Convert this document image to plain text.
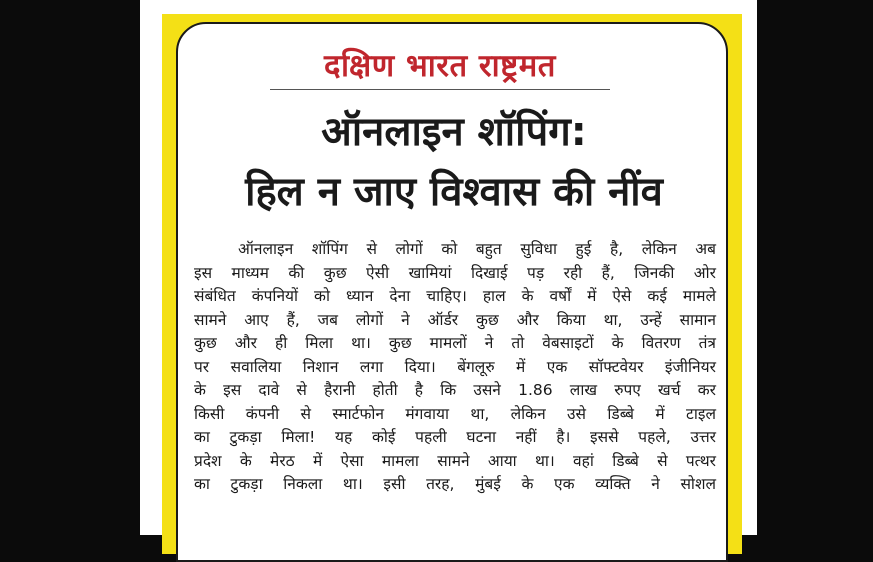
दक्षिण भारत राष्ट्रमत
ऑनलाइन शॉपिंग:
हिल न जाए विश्वास की नींव
ऑनलाइन शॉपिंग से लोगों को बहुत सुविधा हुई है, लेकिन अब
इस माध्यम की कुछ ऐसी खामियां दिखाई पड़ रही हैं, जिनकी ओर
संबंधित कंपनियों को ध्यान देना चाहिए। हाल के वर्षों में ऐसे कई मामले
सामने आए हैं, जब लोगों ने ऑर्डर कुछ और किया था, उन्हें सामान
कुछ और ही मिला था। कुछ मामलों ने तो वेबसाइटों के वितरण तंत्र
पर सवालिया निशान लगा दिया। बेंगलूरु में एक सॉफ्टवेयर इंजीनियर
के इस दावे से हैरानी होती है कि उसने 1.86 लाख रुपए खर्च कर
किसी कंपनी से स्मार्टफोन मंगवाया था, लेकिन उसे डिब्बे में टाइल
का टुकड़ा मिला! यह कोई पहली घटना नहीं है। इससे पहले, उत्तर
प्रदेश के मेरठ में ऐसा मामला सामने आया था। वहां डिब्बे से पत्थर
का टुकड़ा निकला था। इसी तरह, मुंबई के एक व्यक्ति ने सोशल
